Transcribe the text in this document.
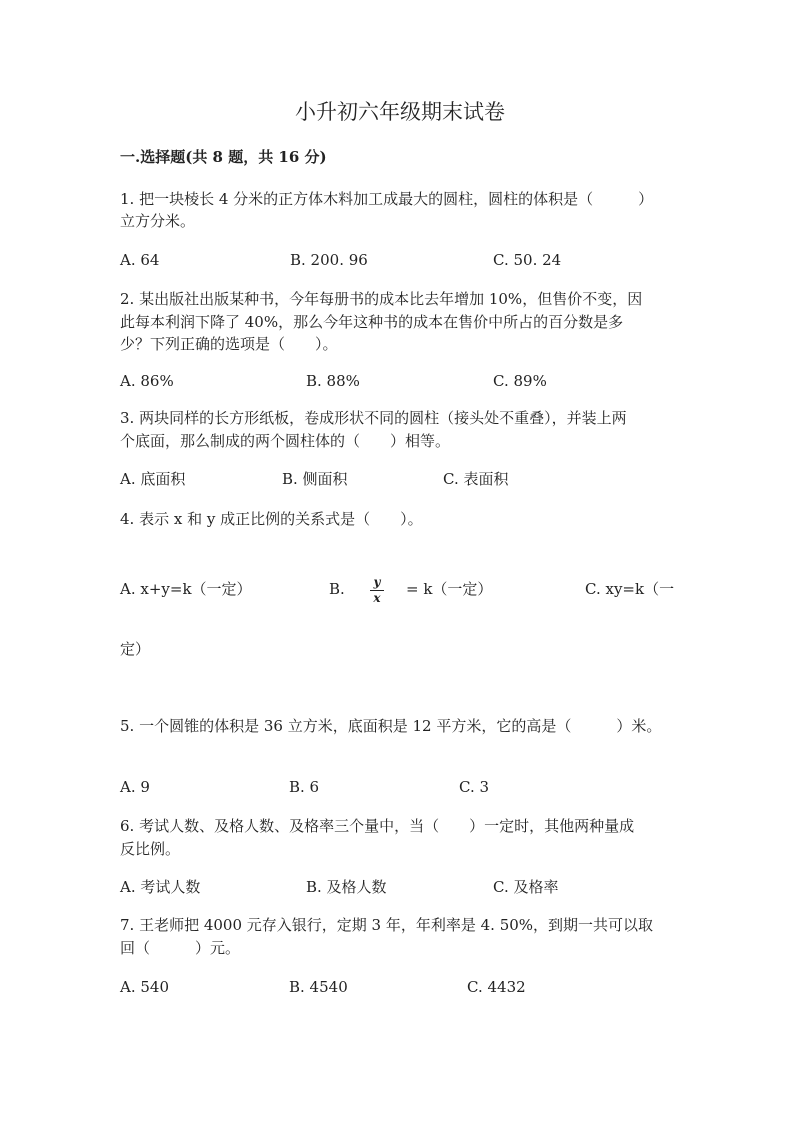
小升初六年级期末试卷
一.选择题(共 8 题，共 16 分)
1. 把一块棱长 4 分米的正方体木料加工成最大的圆柱，圆柱的体积是（　　　）
立方分米。
A. 64	B. 200. 96	C. 50. 24
2. 某出版社出版某种书，今年每册书的成本比去年增加 10%，但售价不变，因
此每本利润下降了 40%，那么今年这种书的成本在售价中所占的百分数是多
少？下列正确的选项是（　　）。
A. 86%	B. 88%	C. 89%
3. 两块同样的长方形纸板，卷成形状不同的圆柱（接头处不重叠），并装上两
个底面，那么制成的两个圆柱体的（　　）相等。
A. 底面积	B. 侧面积	C. 表面积
4. 表示 x 和 y 成正比例的关系式是（　　）。
A. x+y=k（一定）	B. y
x = k（一定）	C. xy=k（一
定）
5. 一个圆锥的体积是 36 立方米，底面积是 12 平方米，它的高是（　　　）米。
A. 9	B. 6	C. 3
6. 考试人数、及格人数、及格率三个量中，当（　　）一定时，其他两种量成
反比例。
A. 考试人数	B. 及格人数	C. 及格率
7. 王老师把 4000 元存入银行，定期 3 年，年利率是 4. 50%，到期一共可以取
回（　　　）元。
A. 540	B. 4540	C. 4432
